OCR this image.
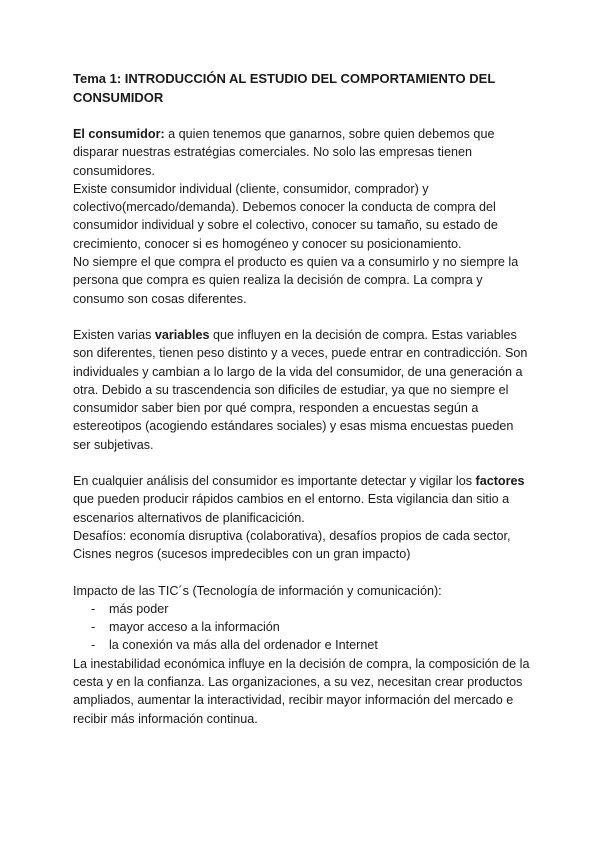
Tema 1: INTRODUCCIÓN AL ESTUDIO DEL COMPORTAMIENTO DEL CONSUMIDOR

El consumidor: a quien tenemos que ganarnos, sobre quien debemos que disparar nuestras estratégias comerciales. No solo las empresas tienen consumidores.

Existe consumidor individual (cliente, consumidor, comprador) y colectivo(mercado/demanda). Debemos conocer la conducta de compra del consumidor individual y sobre el colectivo, conocer su tamaño, su estado de crecimiento, conocer si es homogéneo y conocer su posicionamiento.

No siempre el que compra el producto es quien va a consumirlo y no siempre la persona que compra es quien realiza la decisión de compra. La compra y consumo son cosas diferentes.

Existen varias variables que influyen en la decisión de compra. Estas variables son diferentes, tienen peso distinto y a veces, puede entrar en contradicción. Son individuales y cambian a lo largo de la vida del consumidor, de una generación a otra. Debido a su trascendencia son dificiles de estudiar, ya que no siempre el consumidor saber bien por qué compra, responden a encuestas según a estereotipos (acogiendo estándares sociales) y esas misma encuestas pueden ser subjetivas.

En cualquier análisis del consumidor es importante detectar y vigilar los factores que pueden producir rápidos cambios en el entorno. Esta vigilancia dan sitio a escenarios alternativos de planificacición.

Desafíos: economía disruptiva (colaborativa), desafíos propios de cada sector, Cisnes negros (sucesos impredecibles con un gran impacto)

Impacto de las TIC´s (Tecnología de información y comunicación):

- más poder
- mayor acceso a la información
- la conexión va más alla del ordenador e Internet

La inestabilidad económica influye en la decisión de compra, la composición de la cesta y en la confianza. Las organizaciones, a su vez, necesitan crear productos ampliados, aumentar la interactividad, recibir mayor información del mercado e recibir más información continua.
